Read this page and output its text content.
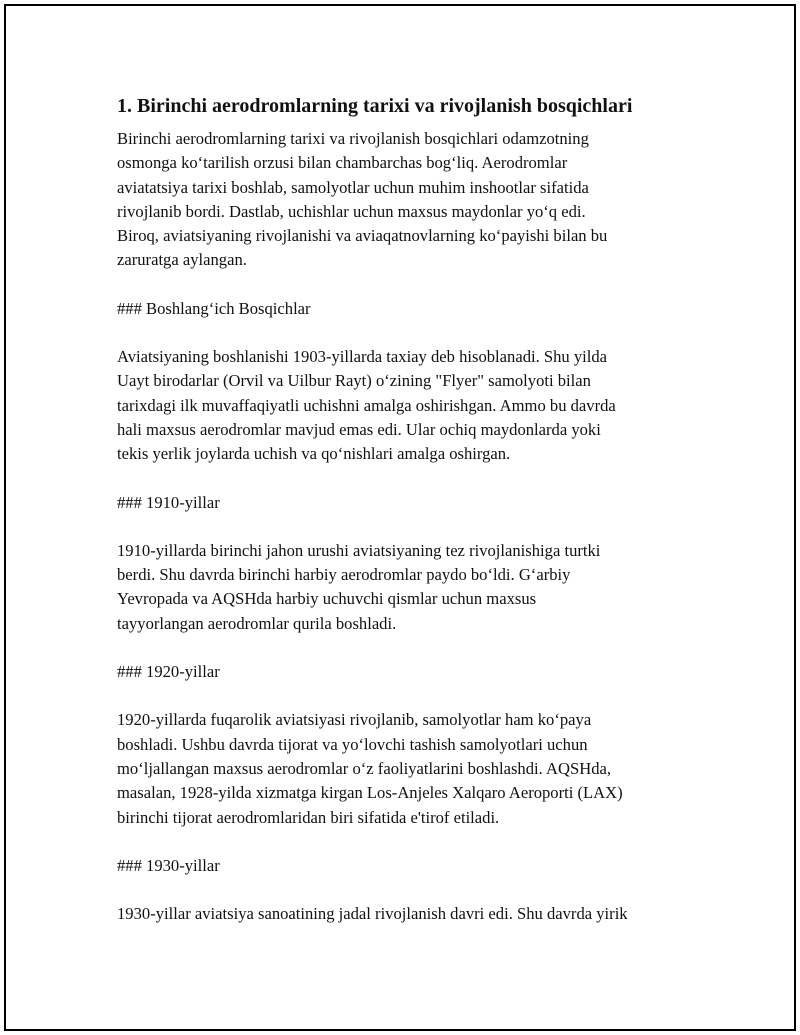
1. Birinchi aerodromlarning tarixi va rivojlanish bosqichlari
Birinchi aerodromlarning tarixi va rivojlanish bosqichlari odamzotning
osmonga koʻtarilish orzusi bilan chambarchas bogʻliq. Aerodromlar
aviatatsiya tarixi boshlab, samolyotlar uchun muhim inshootlar sifatida
rivojlanib bordi. Dastlab, uchishlar uchun maxsus maydonlar yoʻq edi.
Biroq, aviatsiyaning rivojlanishi va aviaqatnovlarning koʻpayishi bilan bu
zaruratga aylangan.
### Boshlangʻich Bosqichlar
Aviatsiyaning boshlanishi 1903-yillarda taxiay deb hisoblanadi. Shu yilda
Uayt birodarlar (Orvil va Uilbur Rayt) oʻzining "Flyer" samolyoti bilan
tarixdagi ilk muvaffaqiyatli uchishni amalga oshirishgan. Ammo bu davrda
hali maxsus aerodromlar mavjud emas edi. Ular ochiq maydonlarda yoki
tekis yerlik joylarda uchish va qoʻnishlari amalga oshirgan.
### 1910-yillar
1910-yillarda birinchi jahon urushi aviatsiyaning tez rivojlanishiga turtki
berdi. Shu davrda birinchi harbiy aerodromlar paydo boʻldi. Gʻarbiy
Yevropada va AQSHda harbiy uchuvchi qismlar uchun maxsus
tayyorlangan aerodromlar qurila boshladi.
### 1920-yillar
1920-yillarda fuqarolik aviatsiyasi rivojlanib, samolyotlar ham koʻpaya
boshladi. Ushbu davrda tijorat va yoʻlovchi tashish samolyotlari uchun
moʻljallangan maxsus aerodromlar oʻz faoliyatlarini boshlashdi. AQSHda,
masalan, 1928-yilda xizmatga kirgan Los-Anjeles Xalqaro Aeroporti (LAX)
birinchi tijorat aerodromlaridan biri sifatida e'tirof etiladi.
### 1930-yillar
1930-yillar aviatsiya sanoatining jadal rivojlanish davri edi. Shu davrda yirik
